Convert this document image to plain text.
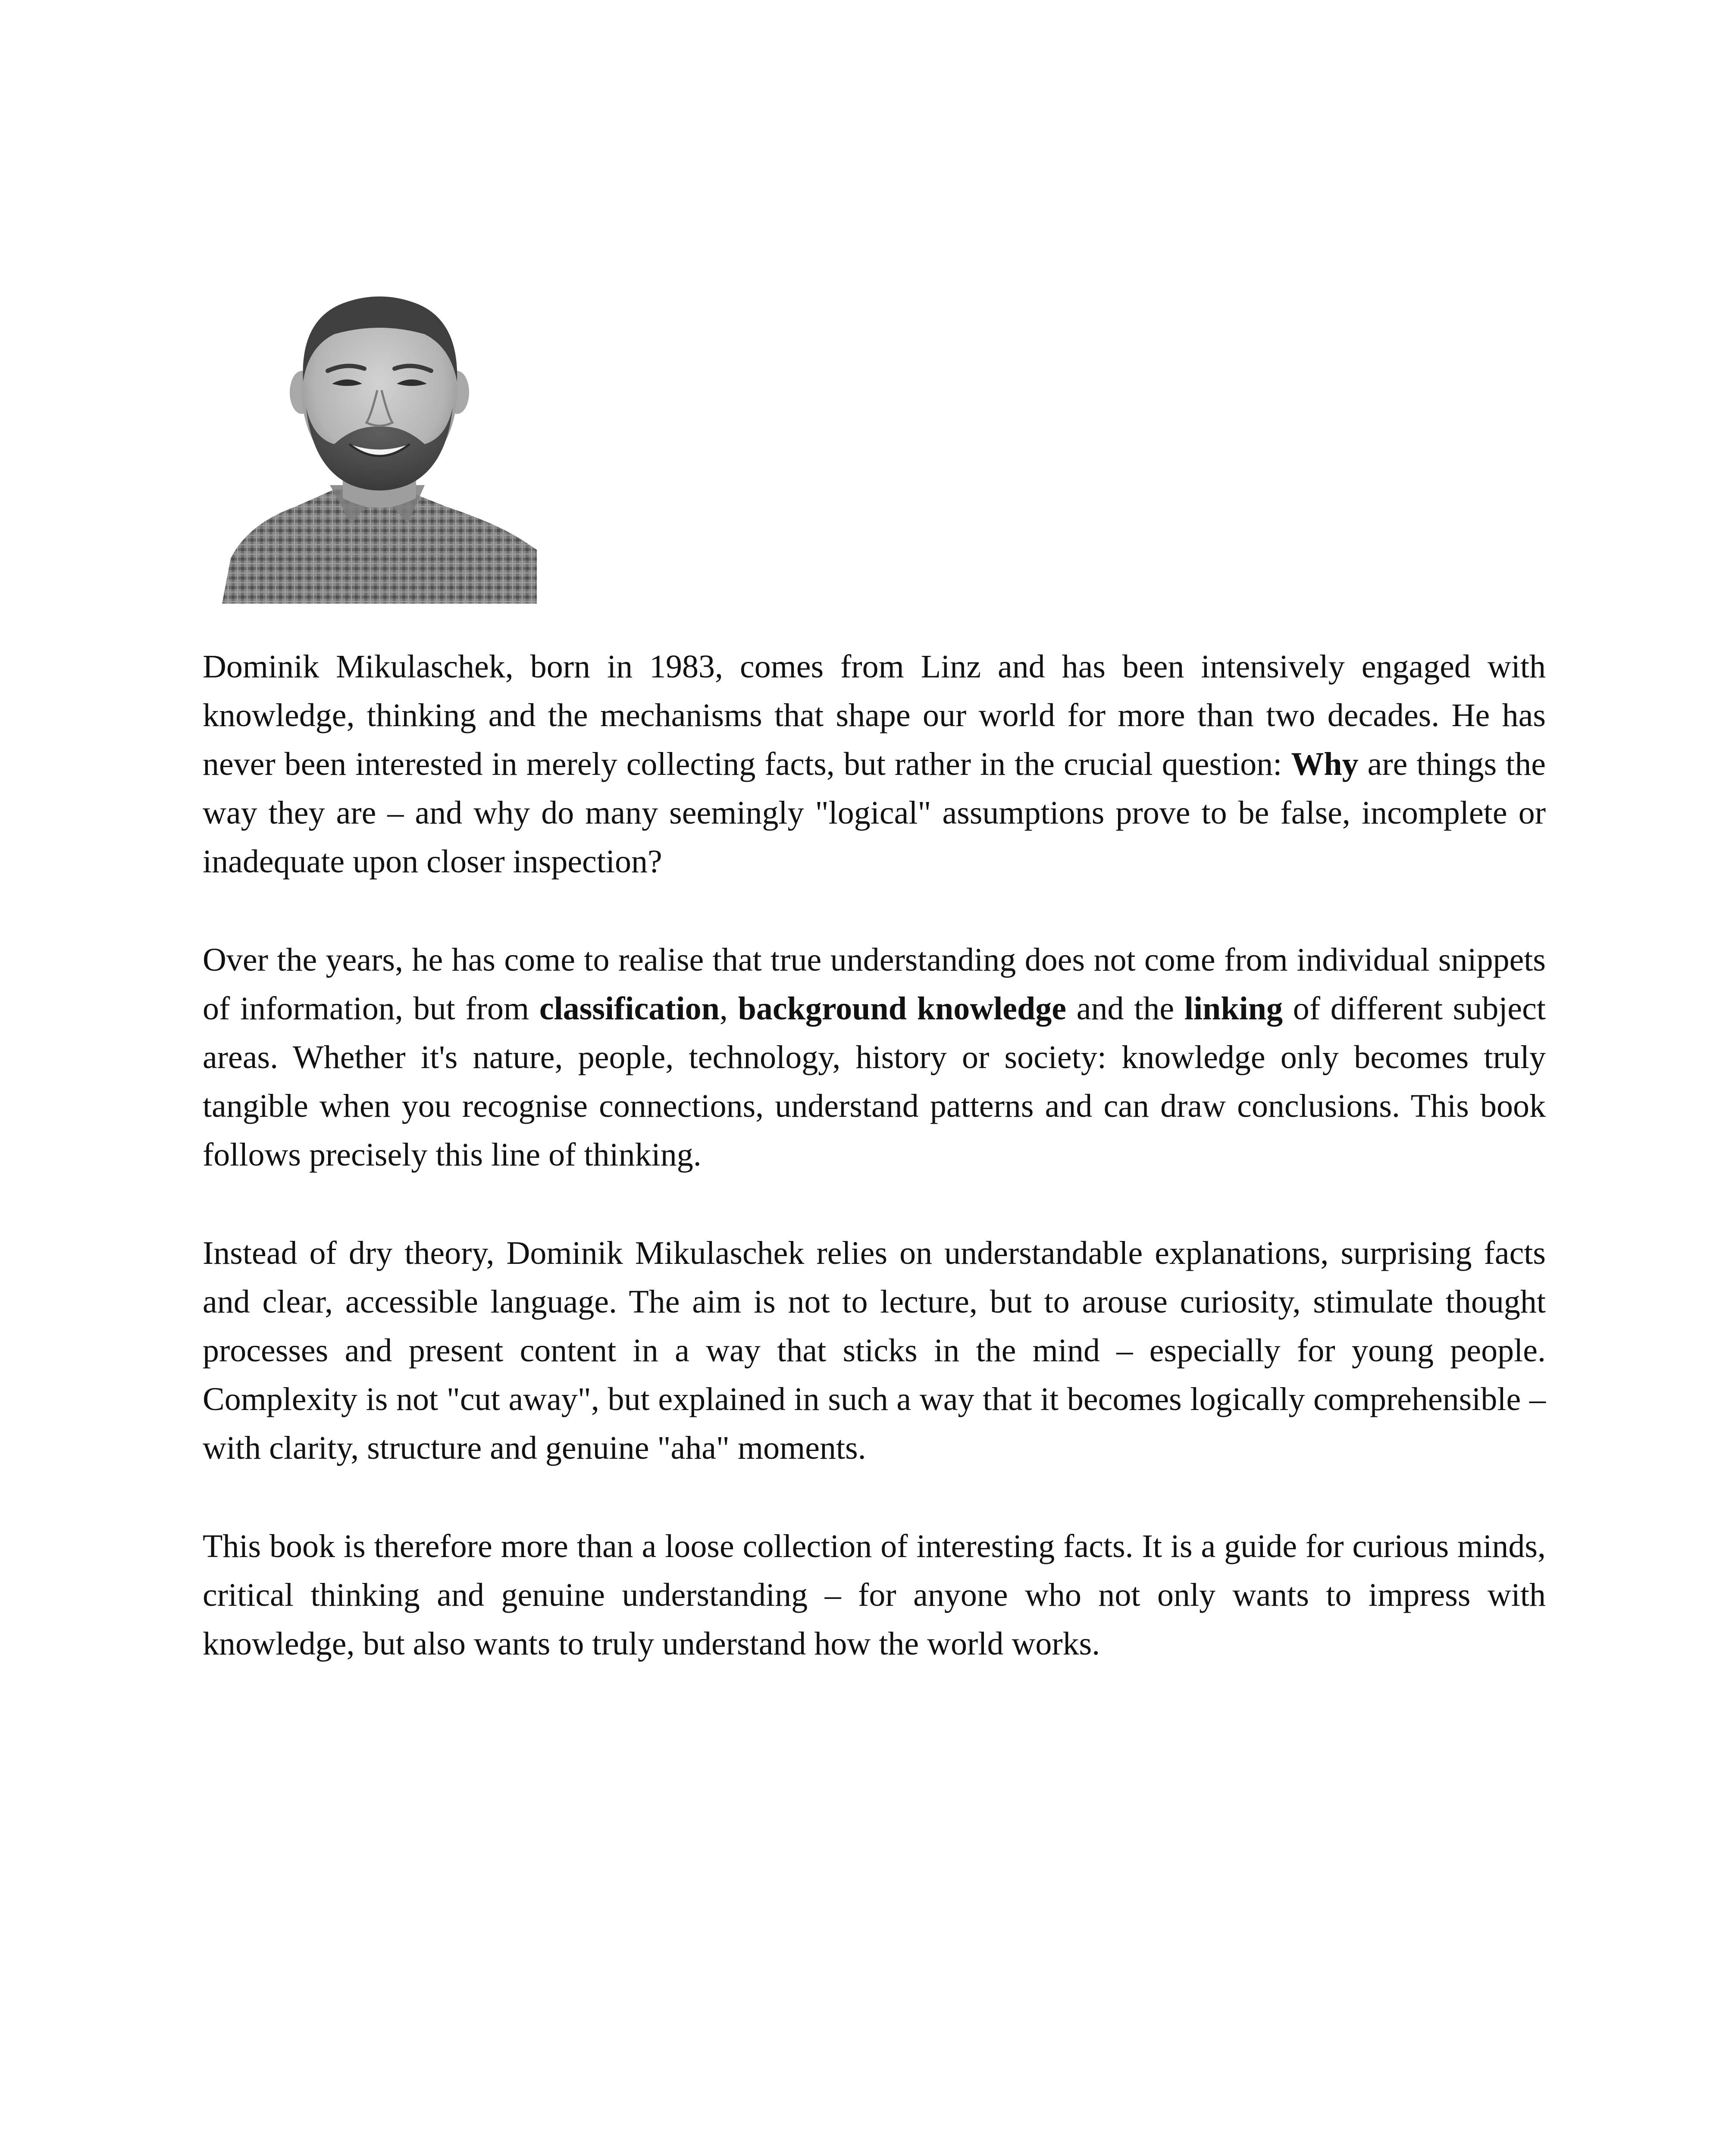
Dominik Mikulaschek, born in 1983, comes from Linz and has been intensively engaged with knowledge, thinking and the mechanisms that shape our world for more than two decades. He has never been interested in merely collecting facts, but rather in the crucial question: Why are things the way they are – and why do many seemingly "logical" assumptions prove to be false, incomplete or inadequate upon closer inspection?

Over the years, he has come to realise that true understanding does not come from individual snippets of information, but from classification, background knowledge and the linking of different subject areas. Whether it's nature, people, technology, history or society: knowledge only becomes truly tangible when you recognise connections, understand patterns and can draw conclusions. This book follows precisely this line of thinking.

Instead of dry theory, Dominik Mikulaschek relies on understandable explanations, surprising facts and clear, accessible language. The aim is not to lecture, but to arouse curiosity, stimulate thought processes and present content in a way that sticks in the mind – especially for young people. Complexity is not "cut away", but explained in such a way that it becomes logically comprehensible – with clarity, structure and genuine "aha" moments.

This book is therefore more than a loose collection of interesting facts. It is a guide for curious minds, critical thinking and genuine understanding – for anyone who not only wants to impress with knowledge, but also wants to truly understand how the world works.
